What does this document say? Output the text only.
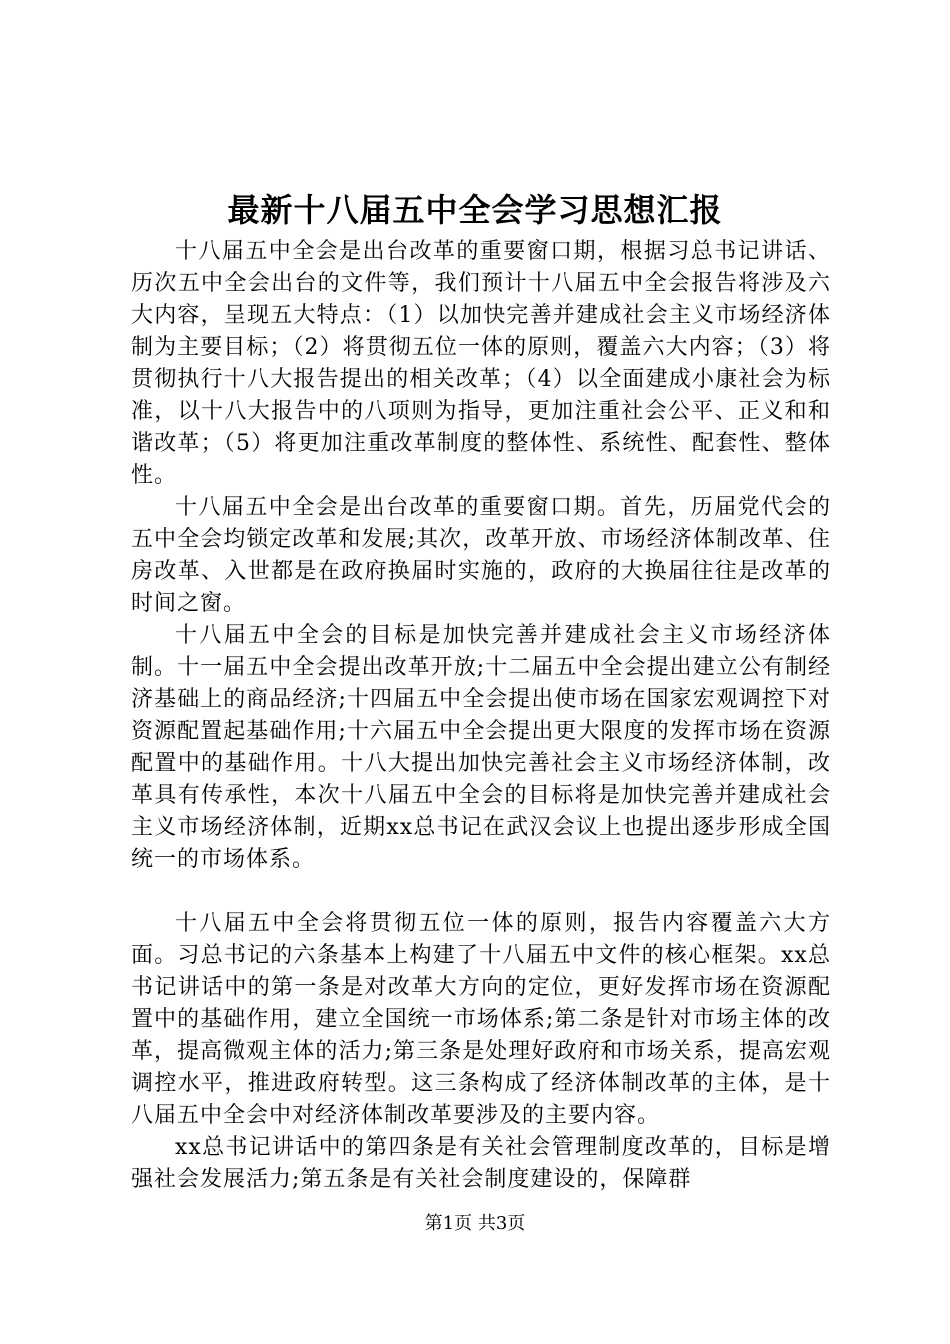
最新十八届五中全会学习思想汇报

十八届五中全会是出台改革的重要窗口期，根据习总书记讲话、历次五中全会出台的文件等，我们预计十八届五中全会报告将涉及六大内容，呈现五大特点：（1）以加快完善并建成社会主义市场经济体制为主要目标；（2）将贯彻五位一体的原则，覆盖六大内容；（3）将贯彻执行十八大报告提出的相关改革；（4）以全面建成小康社会为标准，以十八大报告中的八项则为指导，更加注重社会公平、正义和和谐改革；（5）将更加注重改革制度的整体性、系统性、配套性、整体性。

十八届五中全会是出台改革的重要窗口期。首先，历届党代会的五中全会均锁定改革和发展;其次，改革开放、市场经济体制改革、住房改革、入世都是在政府换届时实施的，政府的大换届往往是改革的时间之窗。

十八届五中全会的目标是加快完善并建成社会主义市场经济体制。十一届五中全会提出改革开放;十二届五中全会提出建立公有制经济基础上的商品经济;十四届五中全会提出使市场在国家宏观调控下对资源配置起基础作用;十六届五中全会提出更大限度的发挥市场在资源配置中的基础作用。十八大提出加快完善社会主义市场经济体制，改革具有传承性，本次十八届五中全会的目标将是加快完善并建成社会主义市场经济体制，近期xx总书记在武汉会议上也提出逐步形成全国统一的市场体系。

十八届五中全会将贯彻五位一体的原则，报告内容覆盖六大方面。习总书记的六条基本上构建了十八届五中文件的核心框架。xx总书记讲话中的第一条是对改革大方向的定位，更好发挥市场在资源配置中的基础作用，建立全国统一市场体系;第二条是针对市场主体的改革，提高微观主体的活力;第三条是处理好政府和市场关系，提高宏观调控水平，推进政府转型。这三条构成了经济体制改革的主体，是十八届五中全会中对经济体制改革要涉及的主要内容。

xx总书记讲话中的第四条是有关社会管理制度改革的，目标是增强社会发展活力;第五条是有关社会制度建设的，保障群

第1页 共3页
